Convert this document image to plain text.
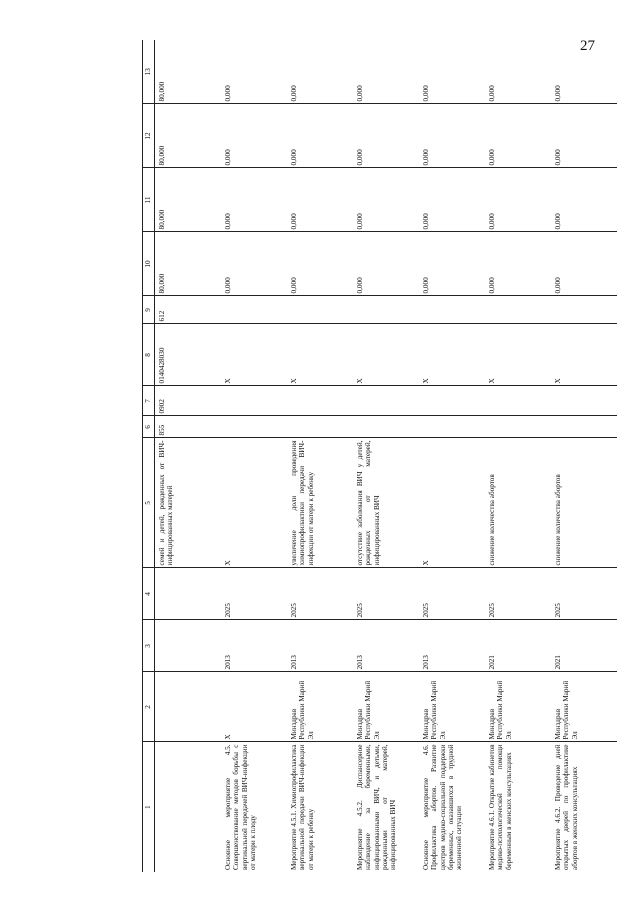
27
1	2	3	4	5	6	7	8	9	10	11	12	13
				семей и детей, рожденных от ВИЧ-инфицированных матерей	855	0902	0140428030	612	80,000	80,000	80,000	80,000
Основное мероприятие 4.5. Совершенствование методов борьбы с вертикальной передачей ВИЧ-инфекции от матери к плоду	X	2013	2025	X			X		0,000	0,000	0,000	0,000
Мероприятие 4.5.1. Химиопрофилактика вертикальной передачи ВИЧ-инфекции от матери к ребенку	Минздрав Республики Марий Эл	2013	2025	увеличение доли проведения химиопрофилактики передачи ВИЧ-инфекции от матери к ребенку			X		0,000	0,000	0,000	0,000
Мероприятие 4.5.2. Диспансерное наблюдение за беременными, инфицированными ВИЧ, и детьми, рожденными от матерей, инфицированных ВИЧ	Минздрав Республики Марий Эл	2013	2025	отсутствие заболевания ВИЧ у детей, рожденных от матерей, инфицированных ВИЧ			X		0,000	0,000	0,000	0,000
Основное мероприятие 4.6. Профилактика абортов. Развитие центров медико-социальной поддержки беременных, оказавшихся в трудной жизненной ситуации	Минздрав Республики Марий Эл	2013	2025	X			X		0,000	0,000	0,000	0,000
Мероприятие 4.6.1. Открытие кабинетов медико-психологической помощи беременным в женских консультациях	Минздрав Республики Марий Эл	2021	2025	снижение количества абортов			X		0,000	0,000	0,000	0,000
Мероприятие 4.6.2. Проведение дней открытых дверей по профилактике абортов в женских консультациях	Минздрав Республики Марий Эл	2021	2025	снижение количества абортов			X		0,000	0,000	0,000	0,000
